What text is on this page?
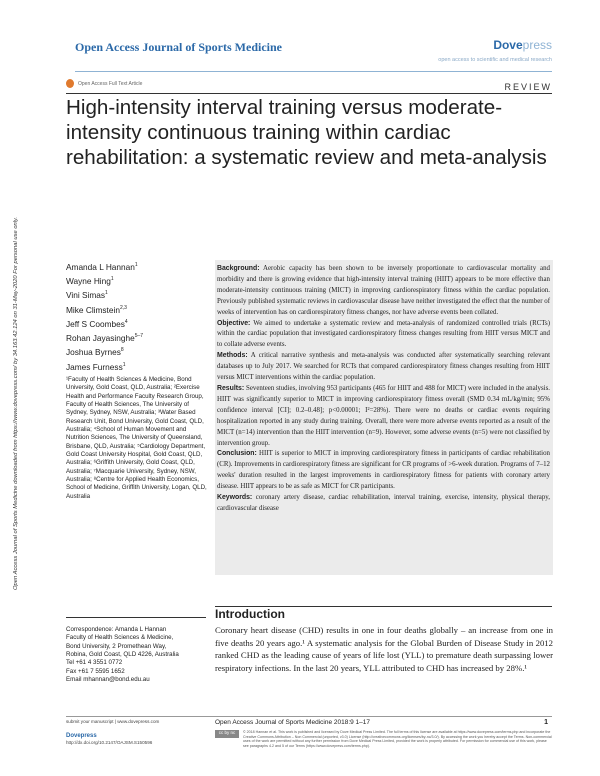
Open Access Journal of Sports Medicine	Dovepress
open access to scientific and medical research
Open Access Full Text Article	REVIEW
High-intensity interval training versus moderate-intensity continuous training within cardiac rehabilitation: a systematic review and meta-analysis
Open Access Journal of Sports Medicine downloaded from https://www.dovepress.com/ by 34.163.42.124 on 31-May-2020 For personal use only.	Amanda L Hannan$^1$
Wayne Hing$^1$
Vini Simas$^1$
Mike Climstein$^{2,3}$
Jeff S Coombes$^4$
Rohan Jayasinghe$^{5-7}$
Joshua Byrnes$^8$
James Furness$^1$
¹Faculty of Health Sciences & Medicine, Bond University, Gold Coast, QLD, Australia; ²Exercise Health and Performance Faculty Research Group, Faculty of Health Sciences, The University of Sydney, Sydney, NSW, Australia; ³Water Based Research Unit, Bond University, Gold Coast, QLD, Australia; ⁴School of Human Movement and Nutrition Sciences, The University of Queensland, Brisbane, QLD, Australia; ⁵Cardiology Department, Gold Coast University Hospital, Gold Coast, QLD, Australia; ⁶Griffith University, Gold Coast, QLD, Australia; ⁷Macquarie University, Sydney, NSW, Australia; ⁸Centre for Applied Health Economics, School of Medicine, Griffith University, Logan, QLD, Australia
Correspondence: Amanda L Hannan
Faculty of Health Sciences & Medicine,
Bond University, 2 Promethean Way,
Robina, Gold Coast, QLD 4226, Australia
Tel +61 4 3551 0772
Fax +61 7 5595 1652
Email mhannan@bond.edu.au
Background: Aerobic capacity has been shown to be inversely proportionate to cardiovascular mortality and morbidity and there is growing evidence that high-intensity interval training (HIIT) appears to be more effective than moderate-intensity continuous training (MICT) in improving cardiorespiratory fitness within the cardiac population. Previously published systematic reviews in cardiovascular disease have neither investigated the effect that the number of weeks of intervention has on cardiorespiratory fitness changes, nor have adverse events been collated.
Objective: We aimed to undertake a systematic review and meta-analysis of randomized controlled trials (RCTs) within the cardiac population that investigated cardiorespiratory fitness changes resulting from HIIT versus MICT and to collate adverse events.
Methods: A critical narrative synthesis and meta-analysis was conducted after systematically searching relevant databases up to July 2017. We searched for RCTs that compared cardiorespiratory fitness changes resulting from HIIT versus MICT interventions within the cardiac population.
Results: Seventeen studies, involving 953 participants (465 for HIIT and 488 for MICT) were included in the analysis. HIIT was significantly superior to MICT in improving cardiorespiratory fitness overall (SMD 0.34 mL/kg/min; 95% confidence interval [CI]; 0.2–0.48]; p<0.00001; I²=28%). There were no deaths or cardiac events requiring hospitalization reported in any study during training. Overall, there were more adverse events reported as a result of the MICT (n=14) intervention than the HIIT intervention (n=9). However, some adverse events (n=5) were not classified by intervention group.
Conclusion: HIIT is superior to MICT in improving cardiorespiratory fitness in participants of cardiac rehabilitation (CR). Improvements in cardiorespiratory fitness are significant for CR programs of >6-week duration. Programs of 7–12 weeks' duration resulted in the largest improvements in cardiorespiratory fitness for patients with coronary artery disease. HIIT appears to be as safe as MICT for CR participants.
Keywords: coronary artery disease, cardiac rehabilitation, interval training, exercise, intensity, physical therapy, cardiovascular disease
Introduction
Coronary heart disease (CHD) results in one in four deaths globally – an increase from one in five deaths 20 years ago.¹ A systematic analysis for the Global Burden of Disease Study in 2012 ranked CHD as the leading cause of years of life lost (YLL) to premature death surpassing lower respiratory infections. In the last 20 years, YLL attributed to CHD has increased by 28%.¹
submit your manuscript | www.dovepress.com
Dovepress
http://dx.doi.org/10.2147/OAJSM.S150596
Open Access Journal of Sports Medicine 2018:9 1–17	1
cc by nc	© 2018 Hannan et al. This work is published and licensed by Dove Medical Press Limited. The full terms of this license are available at https://www.dovepress.com/terms.php and incorporate the Creative Commons Attribution – Non Commercial (unported, v3.0) License (http://creativecommons.org/licenses/by-nc/3.0/). By accessing the work you hereby accept the Terms. Non-commercial uses of the work are permitted without any further permission from Dove Medical Press Limited, provided the work is properly attributed. For permission for commercial use of this work, please see paragraphs 4.2 and 5 of our Terms (https://www.dovepress.com/terms.php).
